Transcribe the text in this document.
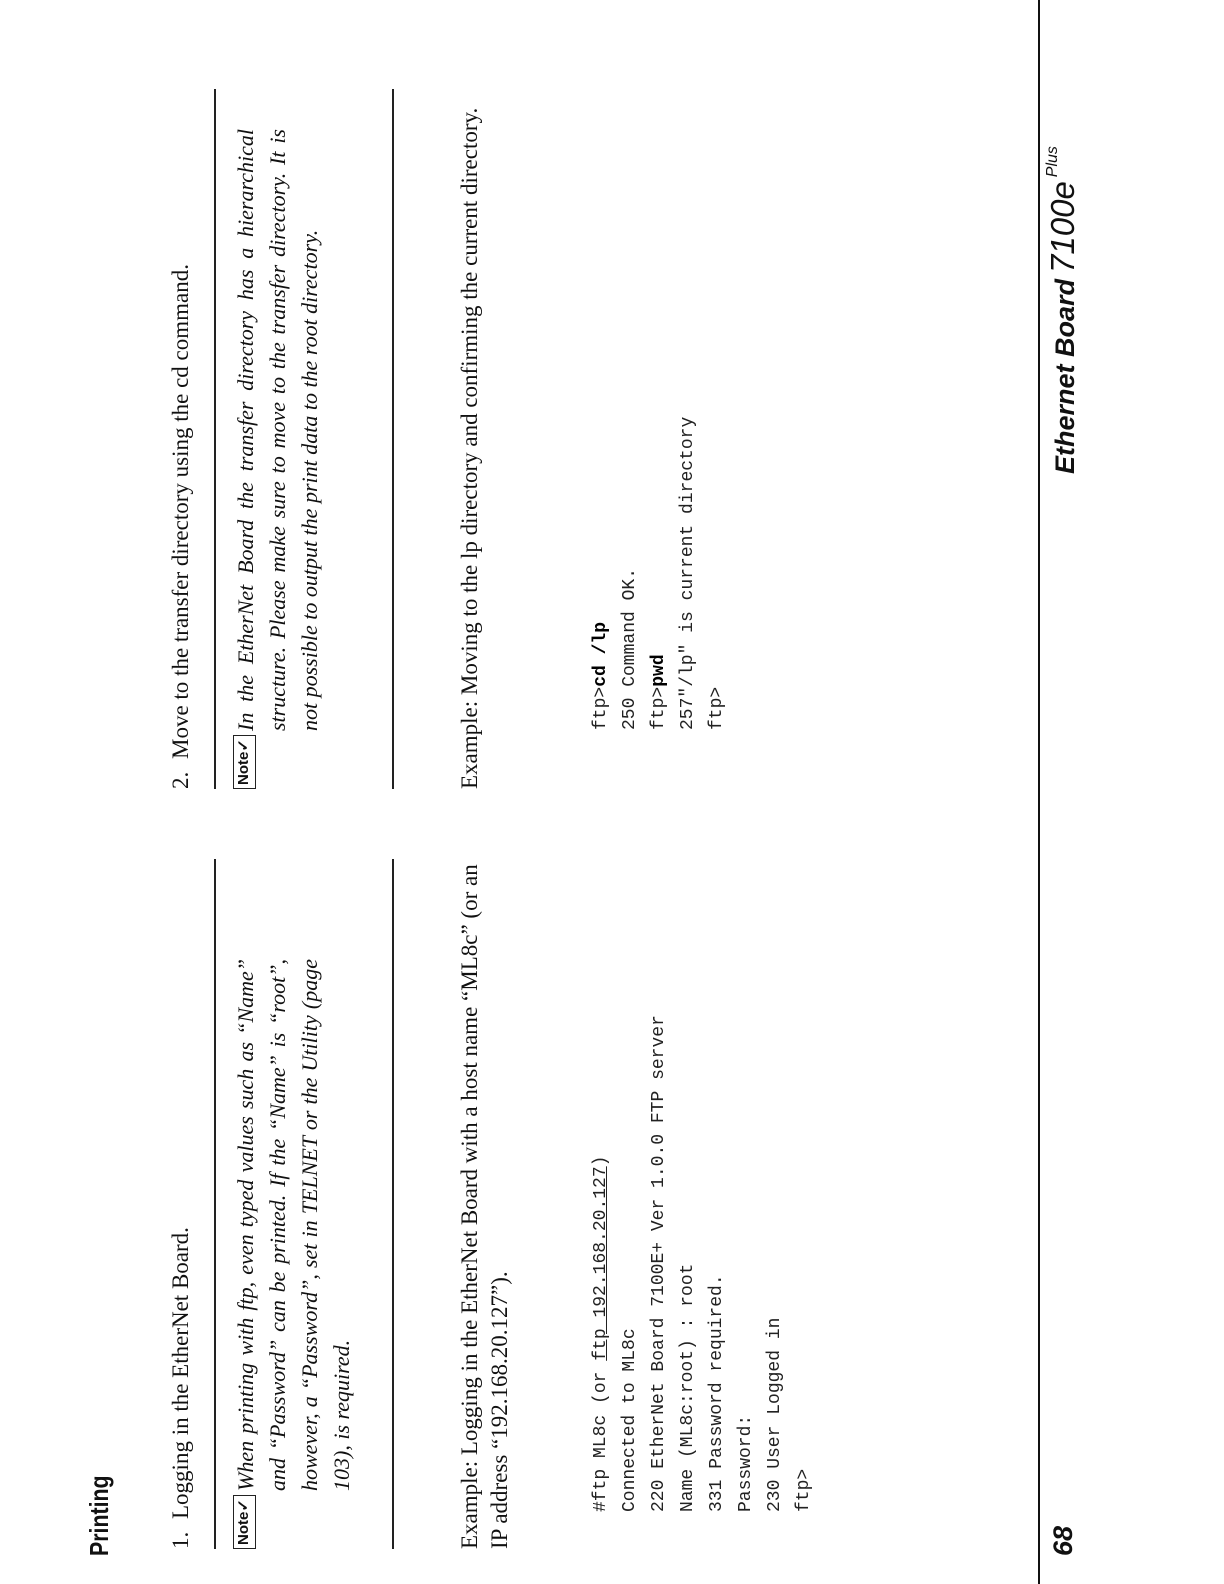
Printing 1.Logging in the EtherNet Board.
Note✓
When printing with ftp, even typed values such as “Name” and “Password” can be printed. If the “Name” is “root”, however, a “Password”, set in TELNET or the Utility (page 103), is required.	Example: Logging in the EtherNet Board with a host name “ML8c” (or an IP address “192.168.20.127”).	#ftp ML8c (or ftp 192.168.20.127)
Connected to ML8c 220 EtherNet Board 7100E+ Ver 1.0.0 FTP server Name (ML8c:root) : root 331 Password required. Password: 230 User Logged in ftp>
2.Move to the transfer directory using the cd command.
Note✓
In the EtherNet Board the transfer directory has a hierarchical structure. Please make sure to move to the transfer directory. It is not possible to output the print data to the root directory.	Example: Moving to the lp directory and confirming the current directory.	ftp>cd /lp 250 Command OK. ftp>pwd 257"/lp" is current directory ftp>
68
Ethernet Board7100ePlus
